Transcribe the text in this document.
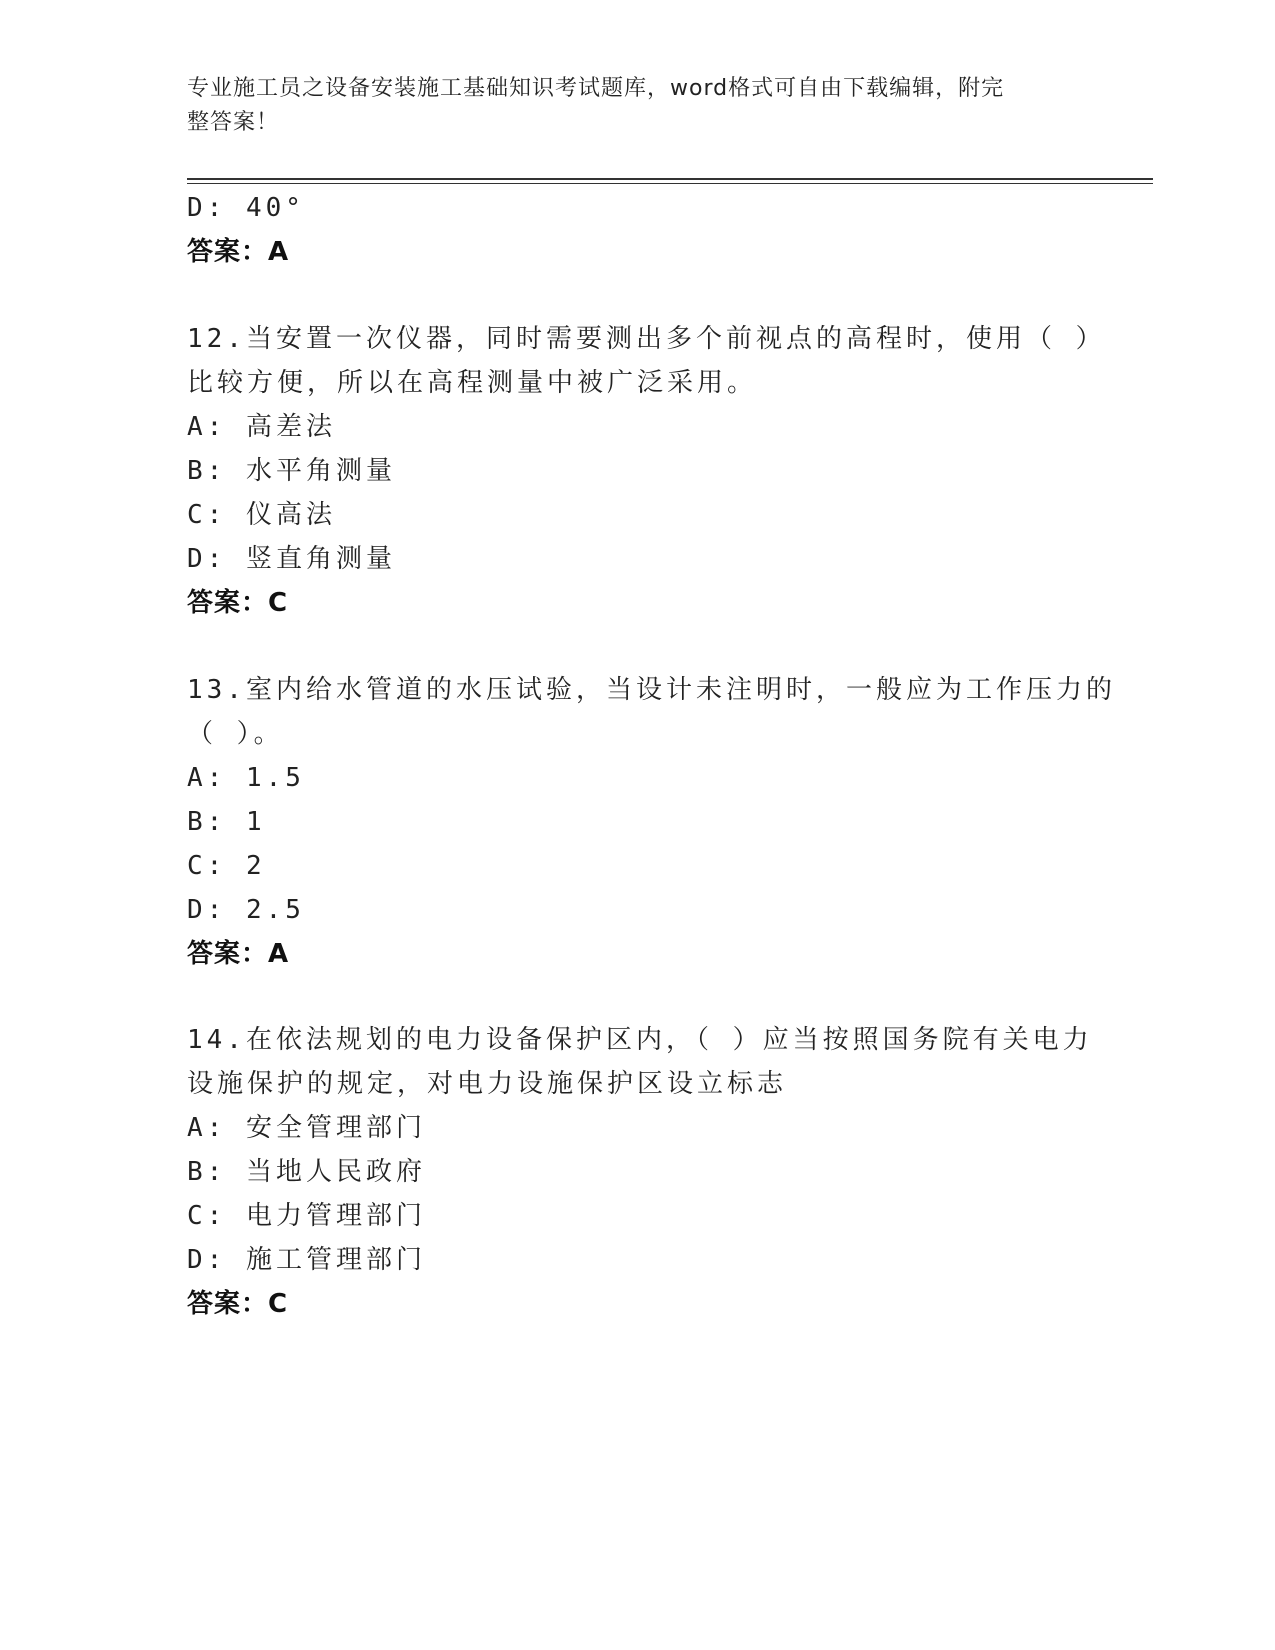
专业施工员之设备安装施工基础知识考试题库，word格式可自由下载编辑，附完
整答案！
D: 40°
答案：A
12.当安置一次仪器，同时需要测出多个前视点的高程时，使用（ ）
比较方便，所以在高程测量中被广泛采用。
A: 高差法
B: 水平角测量
C: 仪高法
D: 竖直角测量
答案：C
13.室内给水管道的水压试验，当设计未注明时，一般应为工作压力的
（ ）。
A: 1.5
B: 1
C: 2
D: 2.5
答案：A
14.在依法规划的电力设备保护区内，（ ）应当按照国务院有关电力
设施保护的规定，对电力设施保护区设立标志
A: 安全管理部门
B: 当地人民政府
C: 电力管理部门
D: 施工管理部门
答案：C
